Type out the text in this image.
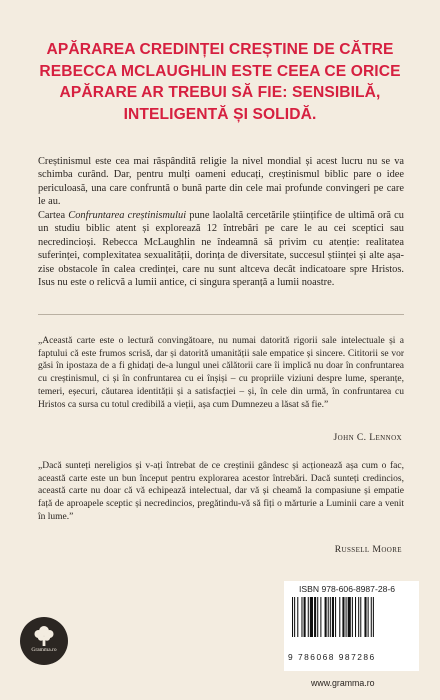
APĂRAREA CREDINȚEI CREȘTINE DE CĂTRE REBECCA MCLAUGHLIN ESTE CEEA CE ORICE APĂRARE AR TREBUI SĂ FIE: SENSIBILĂ, INTELIGENTĂ ȘI SOLIDĂ.

Creștinismul este cea mai răspândită religie la nivel mondial și acest lucru nu se va schimba curând. Dar, pentru mulți oameni educați, creștinismul biblic pare o idee periculoasă, una care confruntă o bună parte din cele mai profunde convingeri pe care le au.

Cartea Confruntarea creștinismului pune laolaltă cercetările științifice de ultimă oră cu un studiu biblic atent și explorează 12 întrebări pe care le au cei sceptici sau necredincioși. Rebecca McLaughlin ne îndeamnă să privim cu atenție: realitatea suferinței, complexitatea sexualității, dorința de diversitate, succesul științei și alte așa-zise obstacole în calea credinței, care nu sunt altceva decât indicatoare spre Hristos. Isus nu este o relicvă a lumii antice, ci singura speranță a lumii noastre.

„Această carte este o lectură convingătoare, nu numai datorită rigorii sale intelectuale și a faptului că este frumos scrisă, dar și datorită umanității sale empatice și sincere. Cititorii se vor găsi în ipostaza de a fi ghidați de-a lungul unei călătorii care îi implică nu doar în confruntarea cu creștinismul, ci și în confruntarea cu ei înșiși – cu propriile viziuni despre lume, speranțe, temeri, eșecuri, căutarea identității și a satisfacției – și, în cele din urmă, în confruntarea cu Hristos ca sursa cu totul credibilă a vieții, așa cum Dumnezeu a lăsat să fie.”

John C. Lennox

„Dacă sunteți nereligios și v-ați întrebat de ce creștinii gândesc și acționează așa cum o fac, această carte este un bun început pentru explorarea acestor întrebări. Dacă sunteți credincios, această carte nu doar că vă echipează intelectual, dar vă și cheamă la compasiune și empatie față de aproapele sceptic și necredincios, pregătindu-vă să fiți o mărturie a Luminii care a venit în lume.”

Russell Moore

Gramma.ro

ISBN 978-606-8987-28-6

9 786068 987286

www.gramma.ro
